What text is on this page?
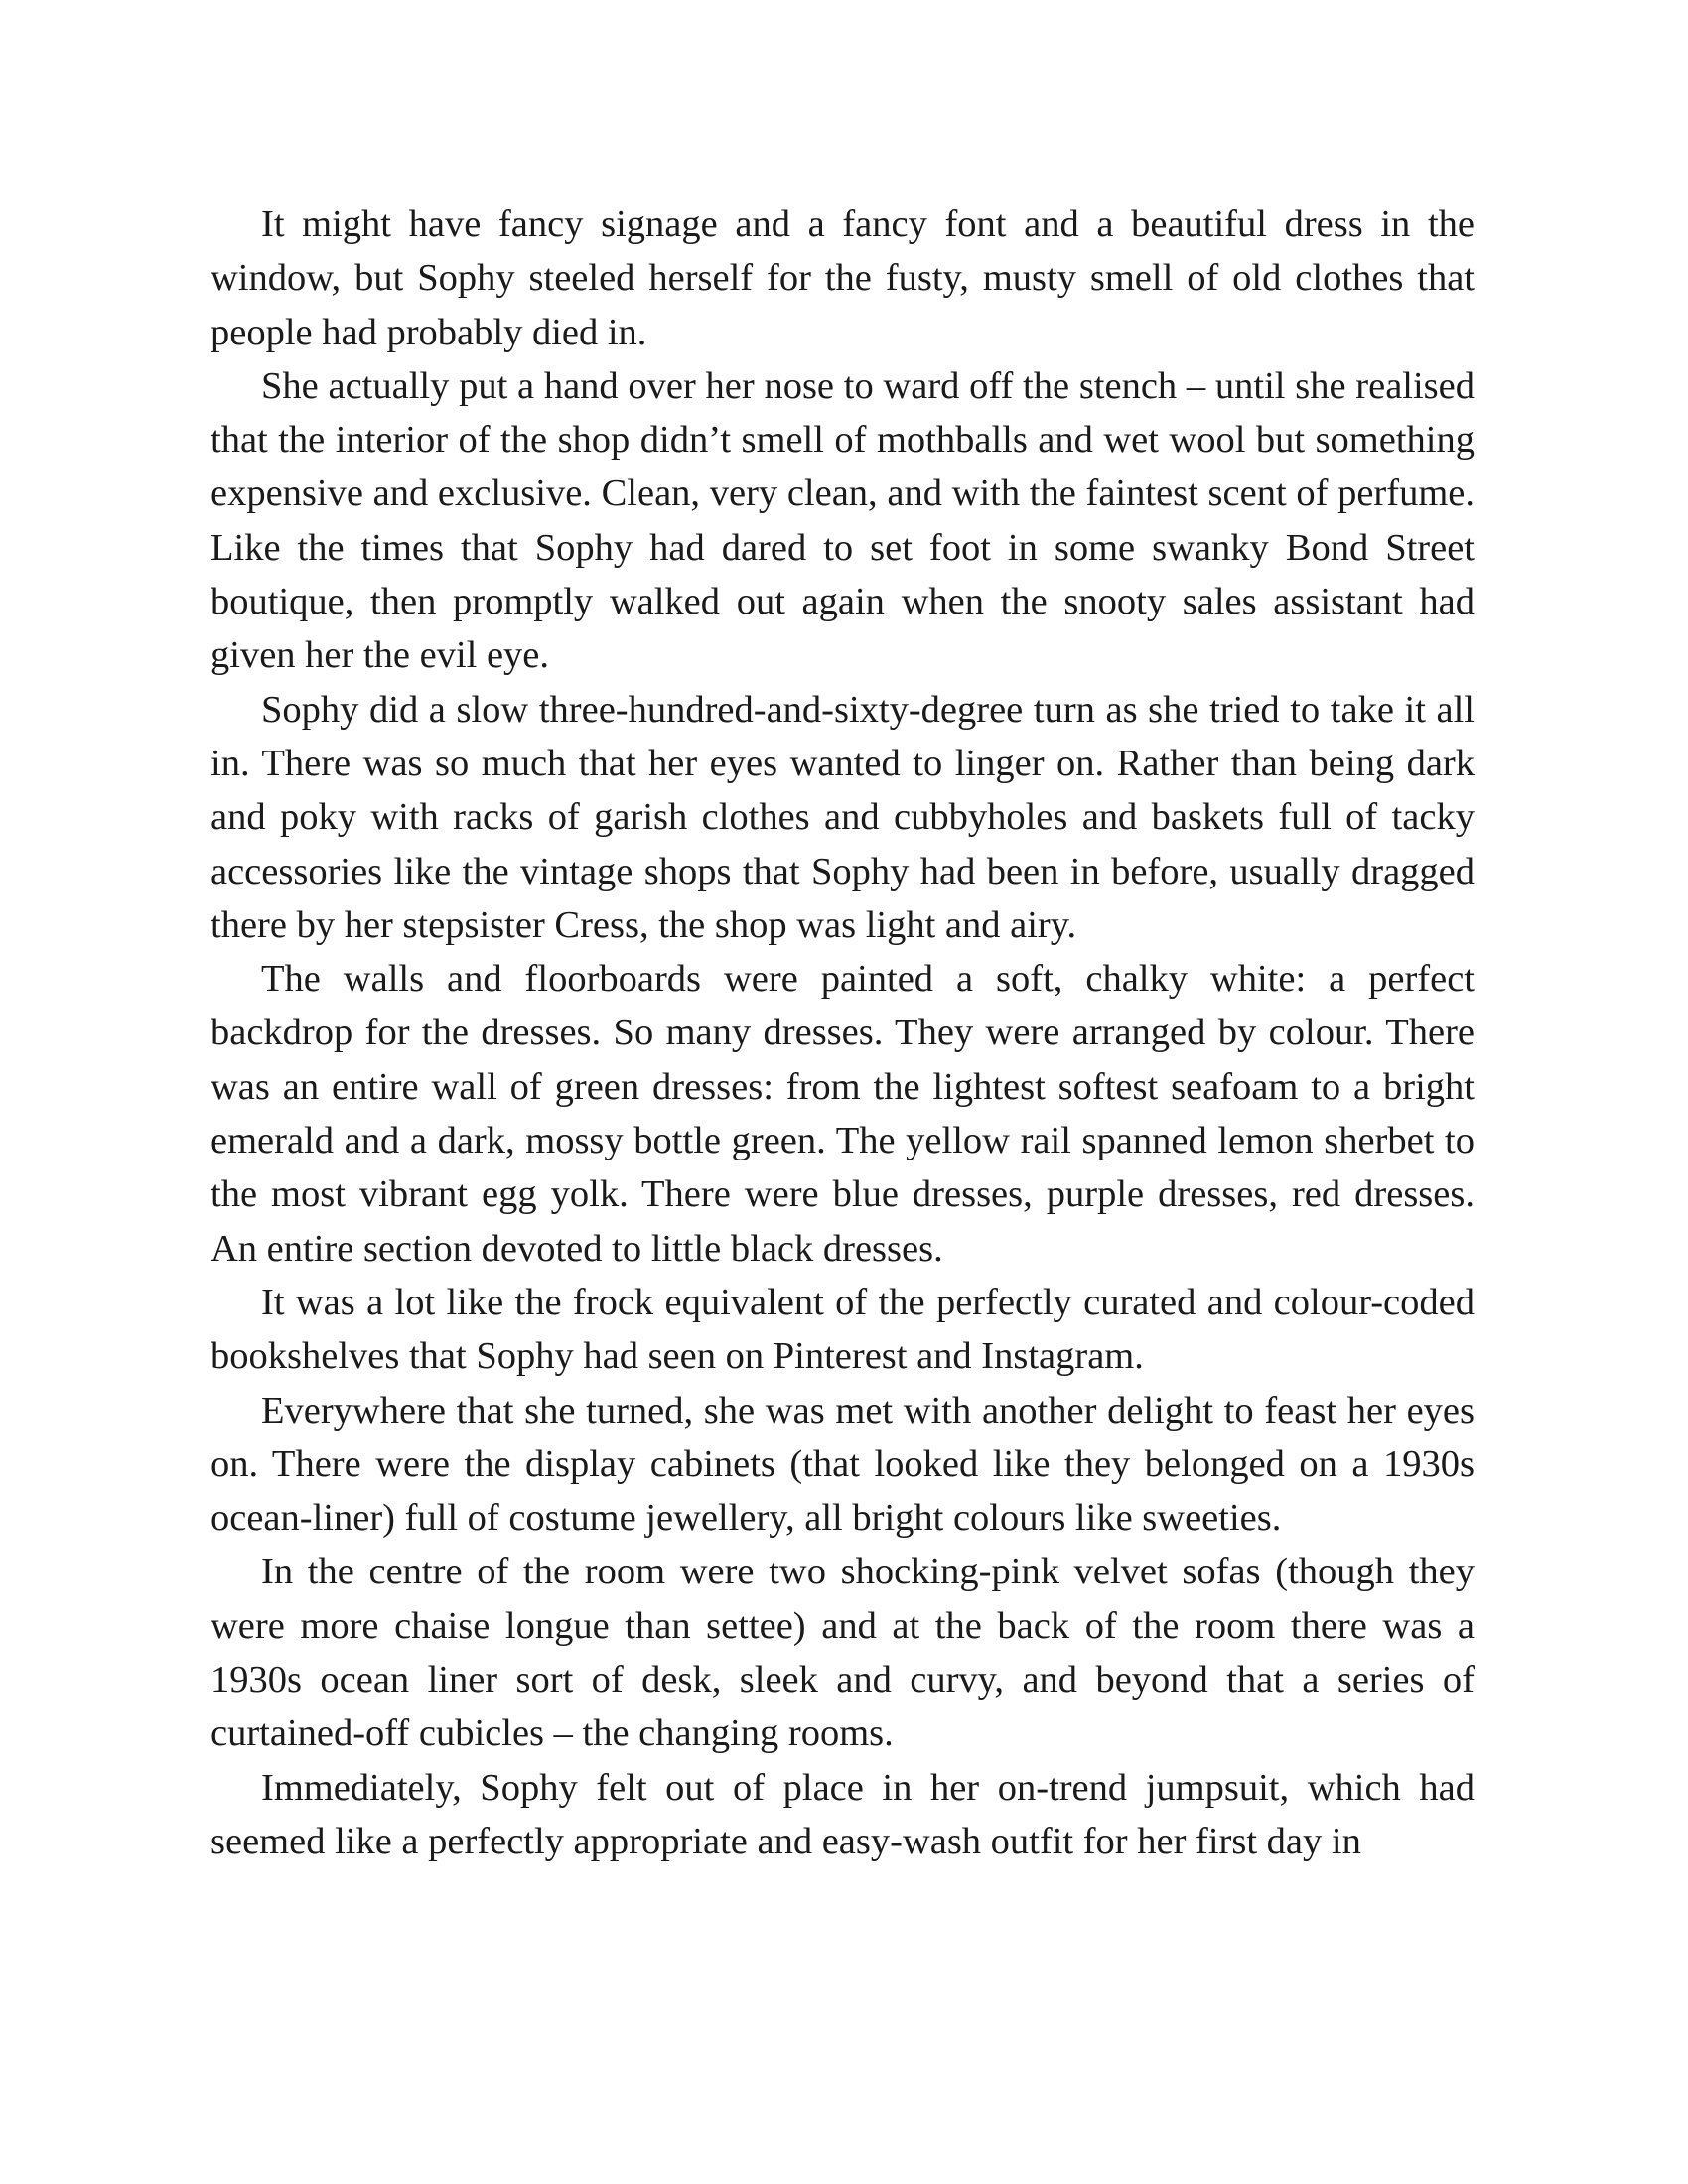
It might have fancy signage and a fancy font and a beautiful dress in the window, but Sophy steeled herself for the fusty, musty smell of old clothes that people had probably died in.

She actually put a hand over her nose to ward off the stench – until she realised that the interior of the shop didn’t smell of mothballs and wet wool but something expensive and exclusive. Clean, very clean, and with the faintest scent of perfume. Like the times that Sophy had dared to set foot in some swanky Bond Street boutique, then promptly walked out again when the snooty sales assistant had given her the evil eye.

Sophy did a slow three-hundred-and-sixty-degree turn as she tried to take it all in. There was so much that her eyes wanted to linger on. Rather than being dark and poky with racks of garish clothes and cubbyholes and baskets full of tacky accessories like the vintage shops that Sophy had been in before, usually dragged there by her stepsister Cress, the shop was light and airy.

The walls and floorboards were painted a soft, chalky white: a perfect backdrop for the dresses. So many dresses. They were arranged by colour. There was an entire wall of green dresses: from the lightest softest seafoam to a bright emerald and a dark, mossy bottle green. The yellow rail spanned lemon sherbet to the most vibrant egg yolk. There were blue dresses, purple dresses, red dresses. An entire section devoted to little black dresses.

It was a lot like the frock equivalent of the perfectly curated and colour-coded bookshelves that Sophy had seen on Pinterest and Instagram.

Everywhere that she turned, she was met with another delight to feast her eyes on. There were the display cabinets (that looked like they belonged on a 1930s ocean-liner) full of costume jewellery, all bright colours like sweeties.

In the centre of the room were two shocking-pink velvet sofas (though they were more chaise longue than settee) and at the back of the room there was a 1930s ocean liner sort of desk, sleek and curvy, and beyond that a series of curtained-off cubicles – the changing rooms.

Immediately, Sophy felt out of place in her on-trend jumpsuit, which had seemed like a perfectly appropriate and easy-wash outfit for her first day in
